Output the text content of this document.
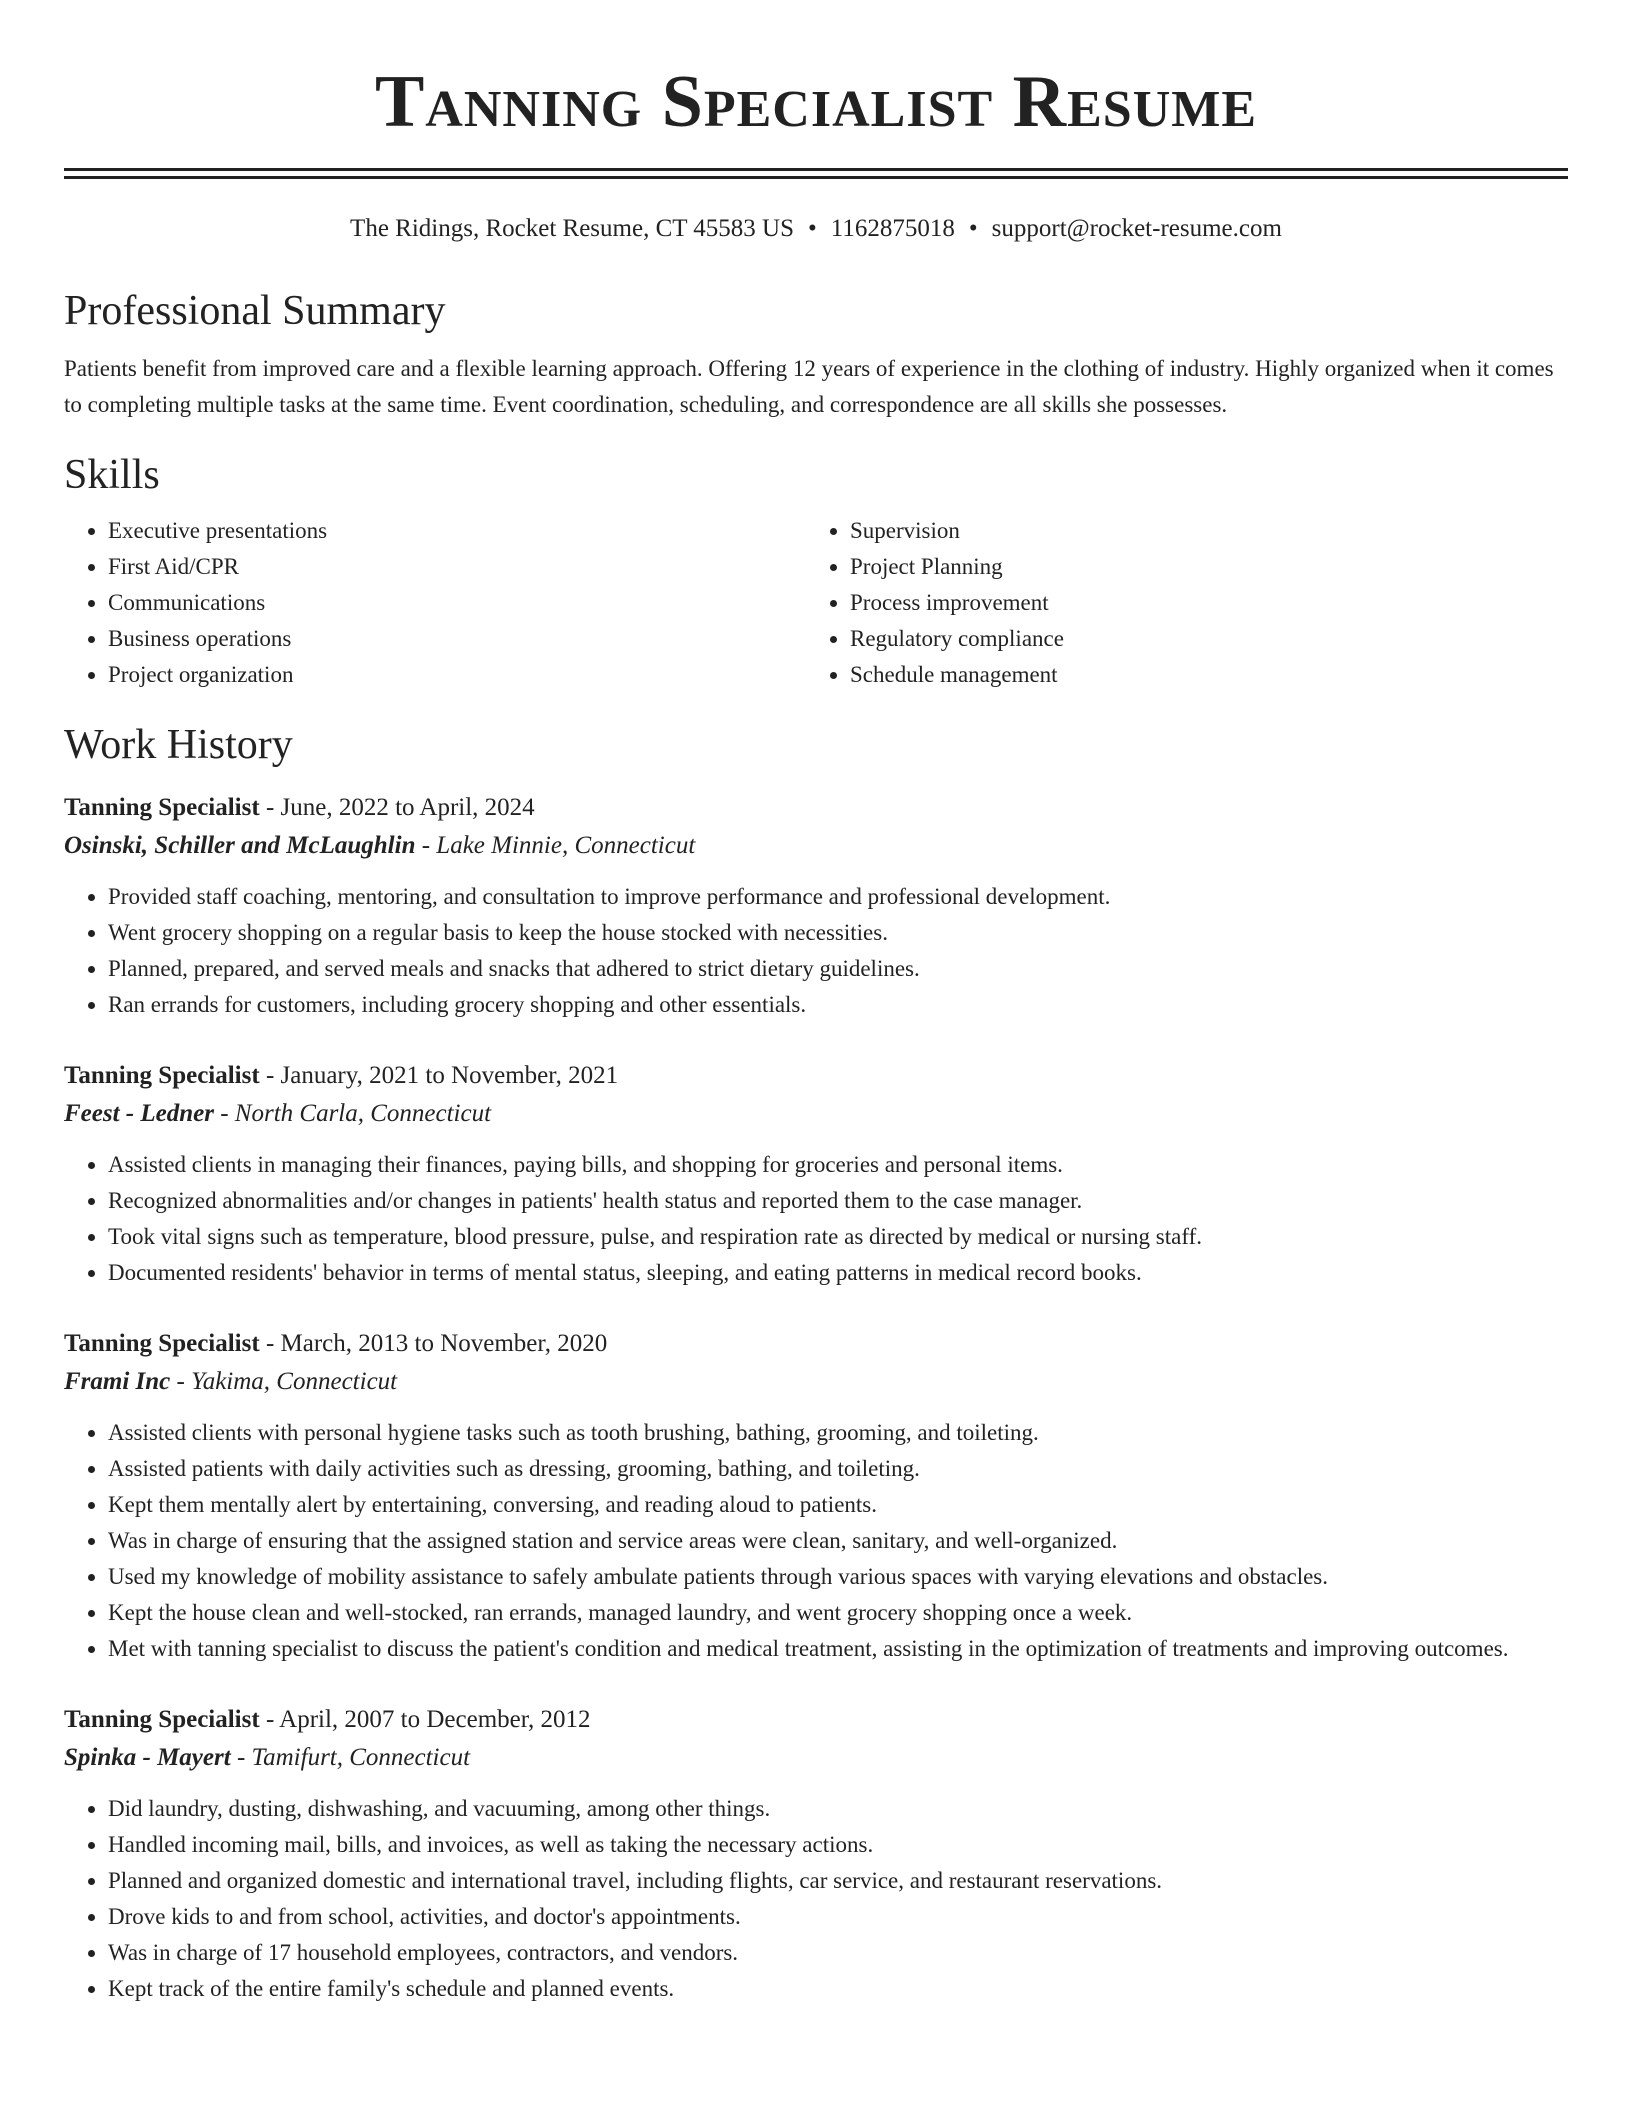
Tanning Specialist Resume
The Ridings, Rocket Resume, CT 45583 US • 1162875018 • support@rocket-resume.com
Professional Summary

Patients benefit from improved care and a flexible learning approach. Offering 12 years of experience in the clothing of industry. Highly organized when it comes to completing multiple tasks at the same time. Event coordination, scheduling, and correspondence are all skills she possesses.

Skills
• Executive presentations
• First Aid/CPR
• Communications
• Business operations
• Project organization
• Supervision
• Project Planning
• Process improvement
• Regulatory compliance
• Schedule management
Work History
Tanning Specialist - June, 2022 to April, 2024
Osinski, Schiller and McLaughlin - Lake Minnie, Connecticut
• Provided staff coaching, mentoring, and consultation to improve performance and professional development.
• Went grocery shopping on a regular basis to keep the house stocked with necessities.
• Planned, prepared, and served meals and snacks that adhered to strict dietary guidelines.
• Ran errands for customers, including grocery shopping and other essentials.
Tanning Specialist - January, 2021 to November, 2021
Feest - Ledner - North Carla, Connecticut
• Assisted clients in managing their finances, paying bills, and shopping for groceries and personal items.
• Recognized abnormalities and/or changes in patients' health status and reported them to the case manager.
• Took vital signs such as temperature, blood pressure, pulse, and respiration rate as directed by medical or nursing staff.
• Documented residents' behavior in terms of mental status, sleeping, and eating patterns in medical record books.
Tanning Specialist - March, 2013 to November, 2020
Frami Inc - Yakima, Connecticut
• Assisted clients with personal hygiene tasks such as tooth brushing, bathing, grooming, and toileting.
• Assisted patients with daily activities such as dressing, grooming, bathing, and toileting.
• Kept them mentally alert by entertaining, conversing, and reading aloud to patients.
• Was in charge of ensuring that the assigned station and service areas were clean, sanitary, and well-organized.
• Used my knowledge of mobility assistance to safely ambulate patients through various spaces with varying elevations and obstacles.
• Kept the house clean and well-stocked, ran errands, managed laundry, and went grocery shopping once a week.
• Met with tanning specialist to discuss the patient's condition and medical treatment, assisting in the optimization of treatments and improving outcomes.
Tanning Specialist - April, 2007 to December, 2012
Spinka - Mayert - Tamifurt, Connecticut
• Did laundry, dusting, dishwashing, and vacuuming, among other things.
• Handled incoming mail, bills, and invoices, as well as taking the necessary actions.
• Planned and organized domestic and international travel, including flights, car service, and restaurant reservations.
• Drove kids to and from school, activities, and doctor's appointments.
• Was in charge of 17 household employees, contractors, and vendors.
• Kept track of the entire family's schedule and planned events.
